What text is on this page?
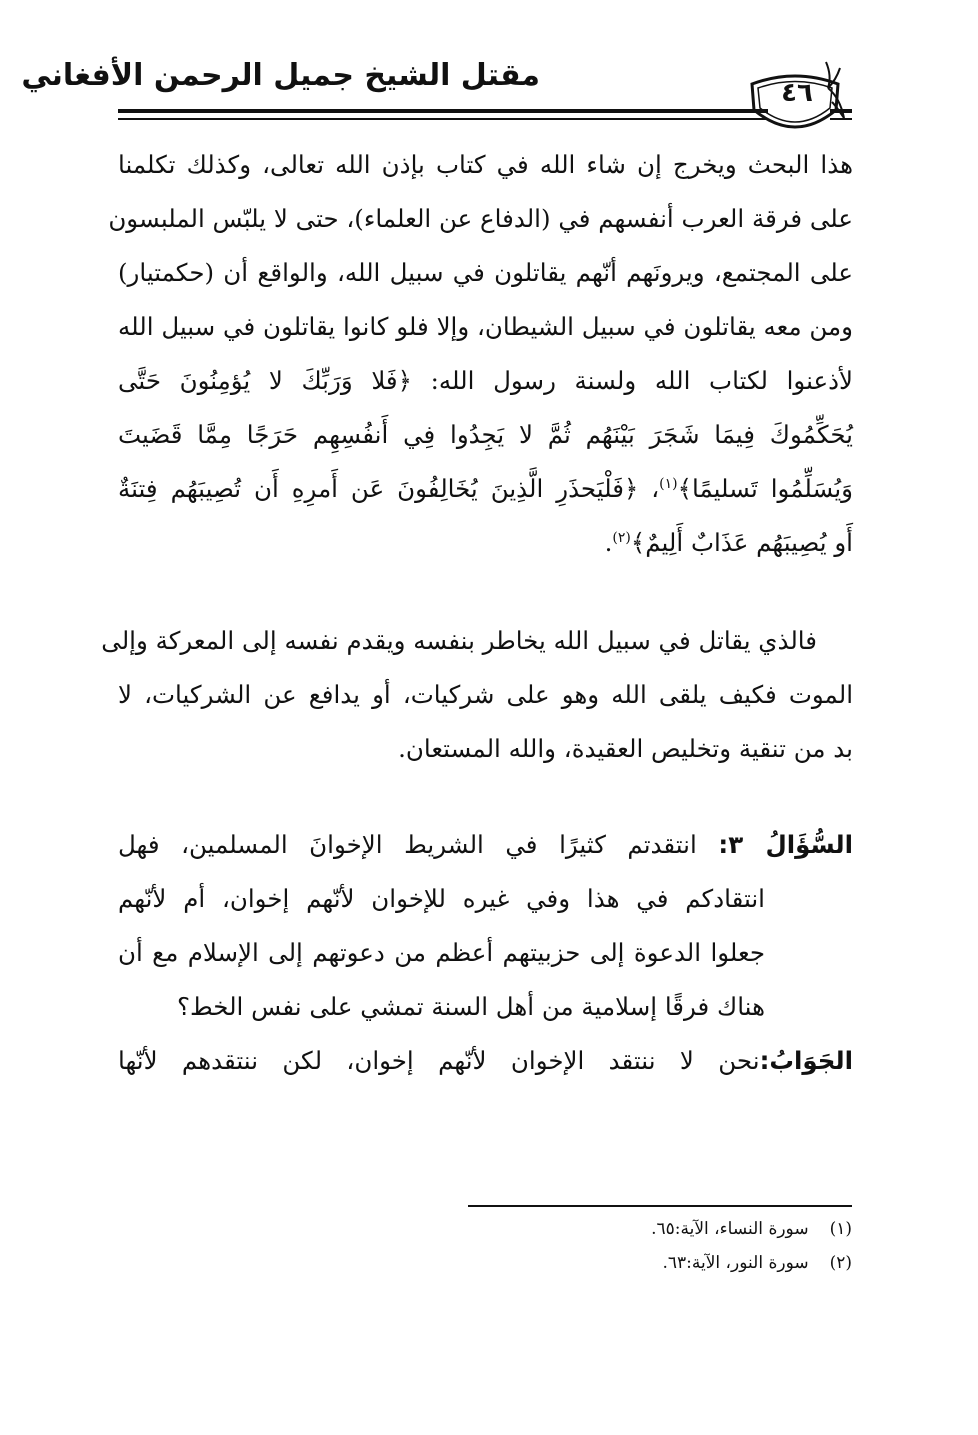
مقتل الشيخ جميل الرحمن الأفغاني	٤٦
هذا البحث ويخرج إن شاء الله في كتاب بإذن الله تعالى، وكذلك تكلمنا
على فرقة العرب أنفسهم في (الدفاع عن العلماء)، حتى لا يلبّس الملبسون
على المجتمع، ويرونَهم أنّهم يقاتلون في سبيل الله، والواقع أن (حكمتيار)
ومن معه يقاتلون في سبيل الشيطان، وإلا فلو كانوا يقاتلون في سبيل الله
لأذعنوا لكتاب الله ولسنة رسول الله: ﴿فَلا وَرَبِّكَ لا يُؤمِنُونَ حَتَّى
يُحَكِّمُوكَ فِيمَا شَجَرَ بَيْنَهُم ثُمَّ لا يَجِدُوا فِي أَنفُسِهِم حَرَجًا مِمَّا قَضَيتَ
وَيُسَلِّمُوا تَسليمًا﴾$^{(١)}$، ﴿فَلْيَحذَرِ الَّذِينَ يُخَالِفُونَ عَن أَمرِهِ أَن تُصِيبَهُم فِتنَةٌ
أَو يُصِيبَهُم عَذَابٌ أَلِيمٌ﴾$^{(٢)}$.
فالذي يقاتل في سبيل الله يخاطر بنفسه ويقدم نفسه إلى المعركة وإلى
الموت فكيف يلقى الله وهو على شركيات، أو يدافع عن الشركيات، لا
بد من تنقية وتخليص العقيدة، والله المستعان.
السُّؤَالُ ٣: انتقدتم كثيرًا في الشريط الإخوانَ المسلمين، فهل
انتقادكم في هذا وفي غيره للإخوان لأنّهم إخوان، أم لأنّهم
جعلوا الدعوة إلى حزبيتهم أعظم من دعوتهم إلى الإسلام مع أن
هناك فرقًا إسلامية من أهل السنة تمشي على نفس الخط؟
الجَوَابُ:نحن لا ننتقد الإخوان لأنّهم إخوان، لكن ننتقدهم لأنّها
(١) سورة النساء، الآية:٦٥.
(٢) سورة النور، الآية:٦٣.
